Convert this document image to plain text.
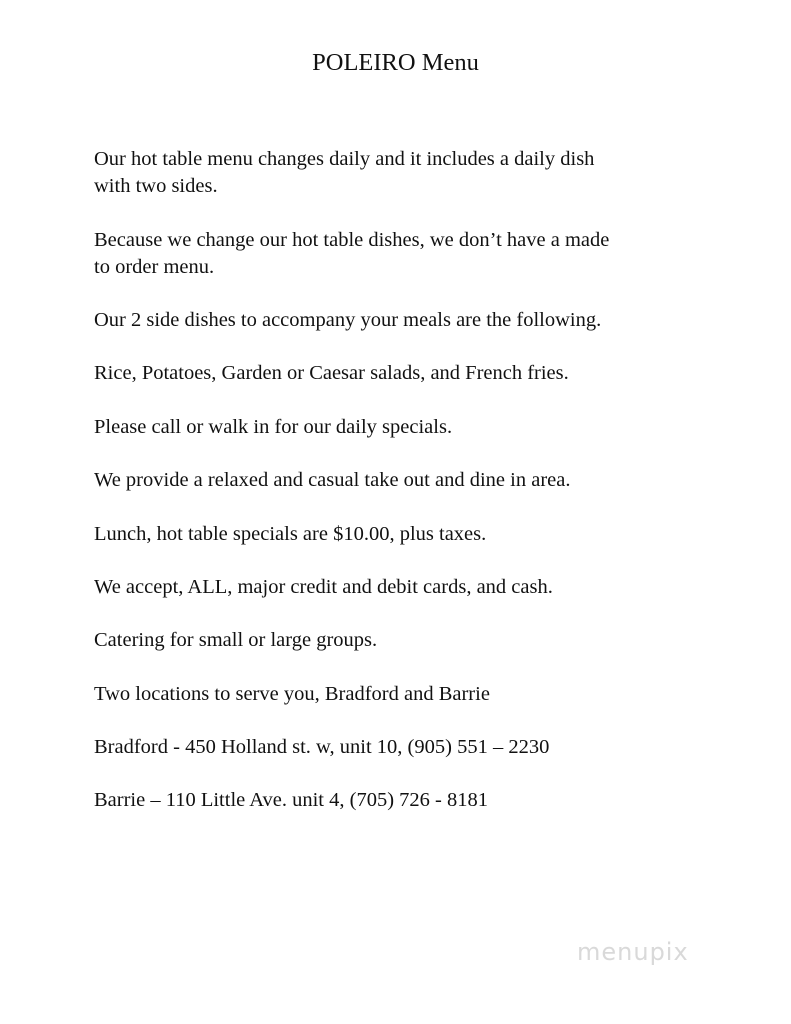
POLEIRO Menu

Our hot table menu changes daily and it includes a daily dish
with two sides.

Because we change our hot table dishes, we don’t have a made
to order menu.

Our 2 side dishes to accompany your meals are the following.

Rice, Potatoes, Garden or Caesar salads, and French fries.

Please call or walk in for our daily specials.

We provide a relaxed and casual take out and dine in area.

Lunch, hot table specials are $10.00, plus taxes.

We accept, ALL, major credit and debit cards, and cash.

Catering for small or large groups.

Two locations to serve you, Bradford and Barrie

Bradford - 450 Holland st. w, unit 10, (905) 551 – 2230

Barrie – 110 Little Ave. unit 4, (705) 726 - 8181

menupix
